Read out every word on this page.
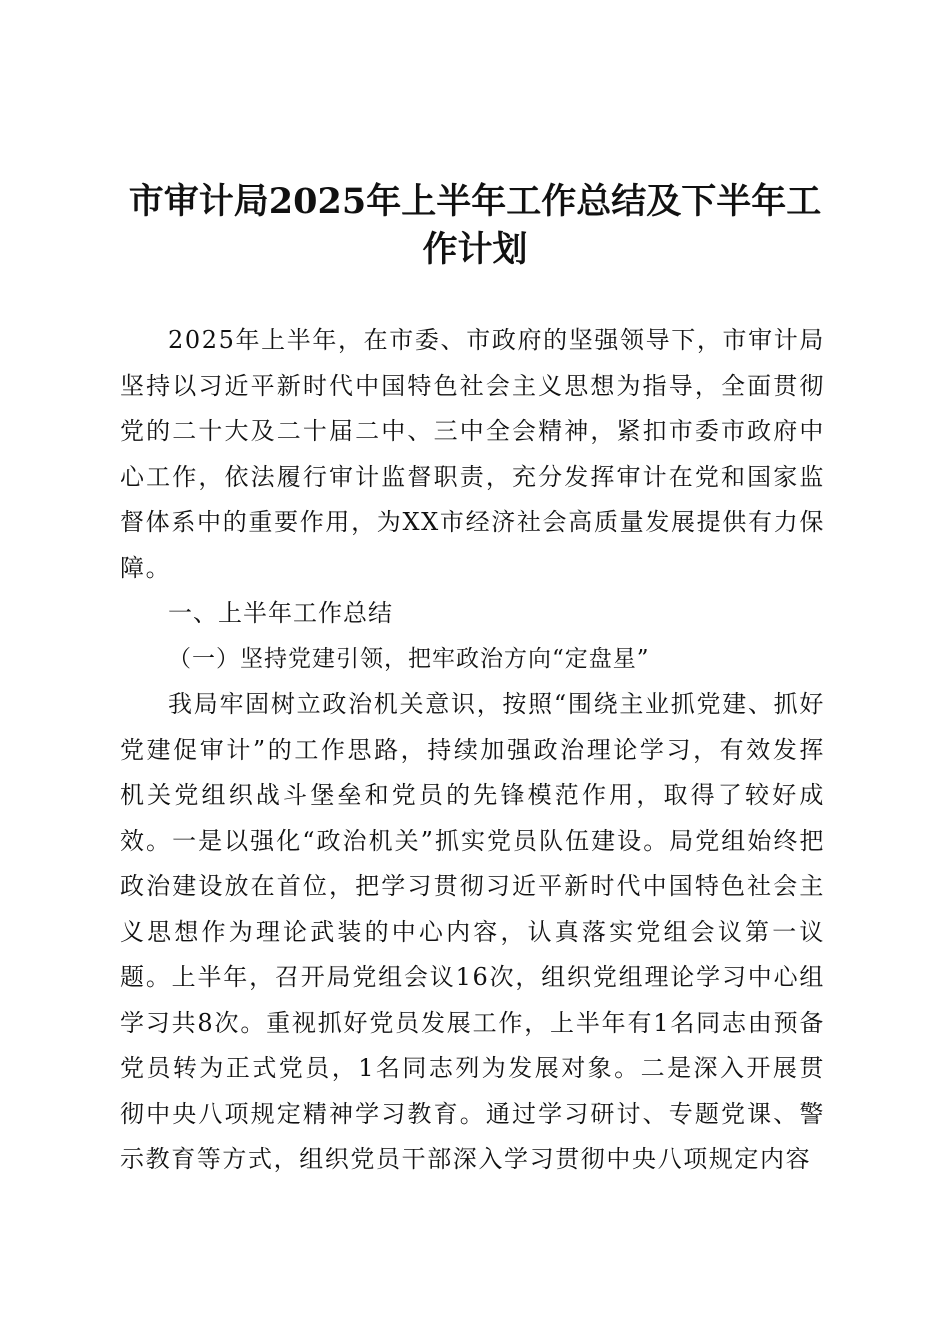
市审计局2025年上半年工作总结及下半年工作计划

2025年上半年，在市委、市政府的坚强领导下，市审计局坚持以习近平新时代中国特色社会主义思想为指导，全面贯彻党的二十大及二十届二中、三中全会精神，紧扣市委市政府中心工作，依法履行审计监督职责，充分发挥审计在党和国家监督体系中的重要作用，为XX市经济社会高质量发展提供有力保障。

一、上半年工作总结

（一）坚持党建引领，把牢政治方向“定盘星”

我局牢固树立政治机关意识，按照“围绕主业抓党建、抓好党建促审计”的工作思路，持续加强政治理论学习，有效发挥机关党组织战斗堡垒和党员的先锋模范作用，取得了较好成效。一是以强化“政治机关”抓实党员队伍建设。局党组始终把政治建设放在首位，把学习贯彻习近平新时代中国特色社会主义思想作为理论武装的中心内容，认真落实党组会议第一议题。上半年，召开局党组会议16次，组织党组理论学习中心组学习共8次。重视抓好党员发展工作，上半年有1名同志由预备党员转为正式党员，1名同志列为发展对象。二是深入开展贯彻中央八项规定精神学习教育。通过学习研讨、专题党课、警示教育等方式，组织党员干部深入学习贯彻中央八项规定内容
